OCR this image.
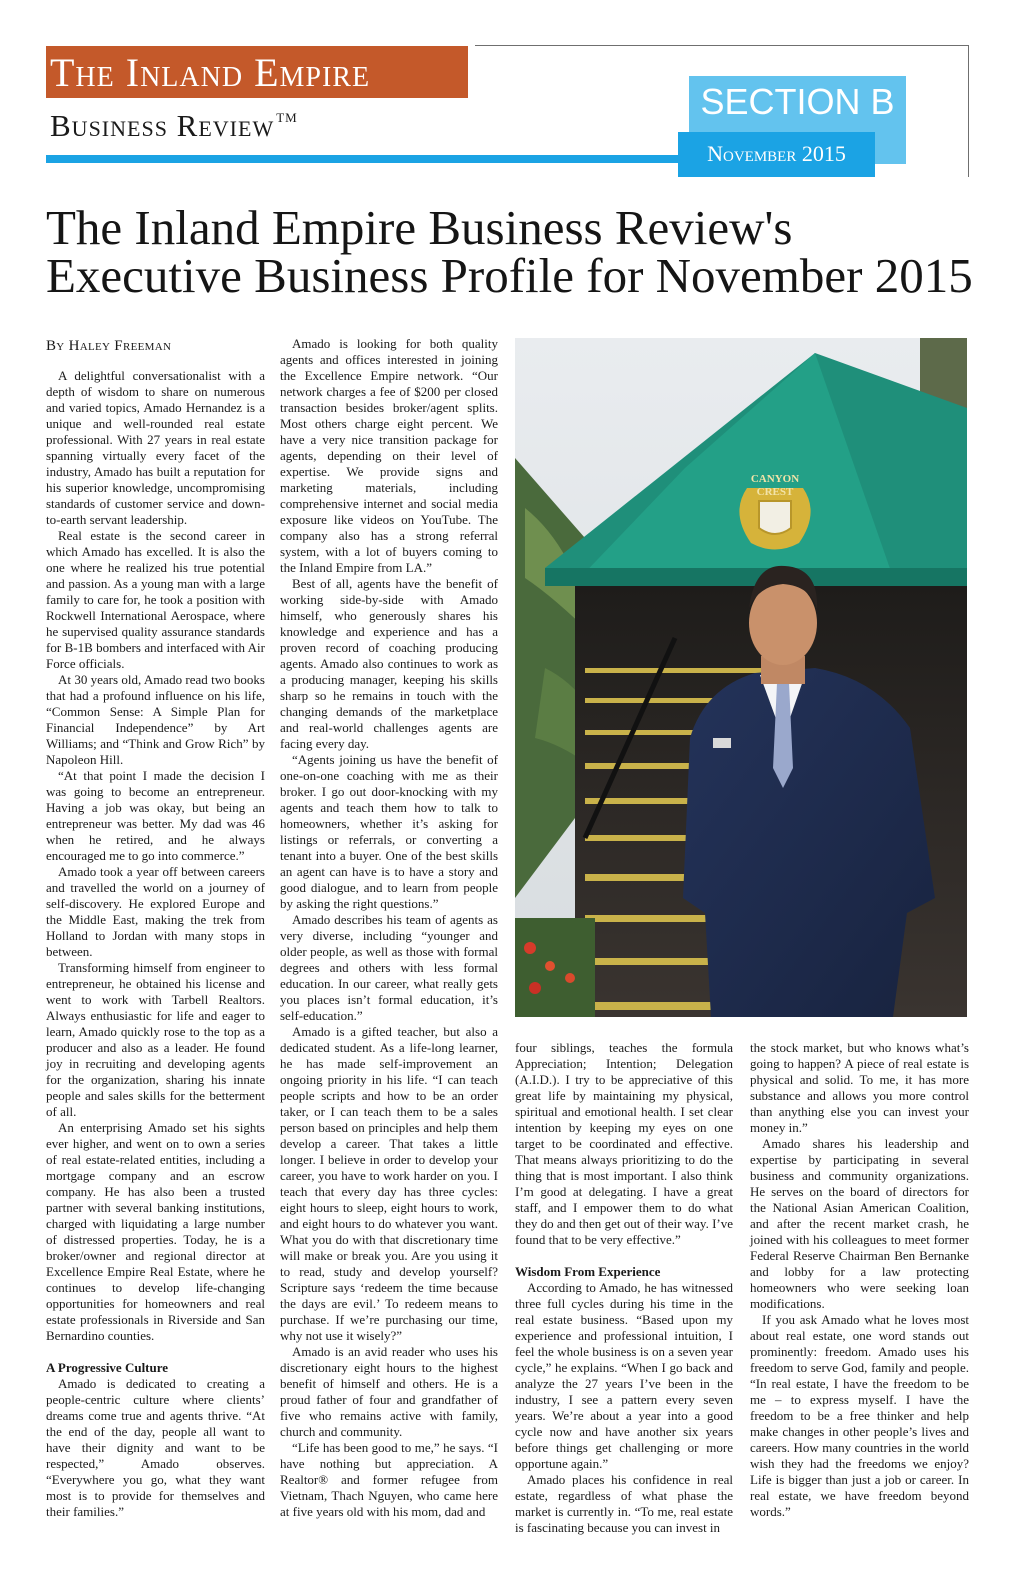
The Inland Empire
Business Review ™	SECTION B
November 2015
The Inland Empire Business Review's Executive Business Profile for November 2015
By Haley Freeman

A delightful conversationalist with a depth of wisdom to share on numerous and varied topics, Amado Hernandez is a unique and well-rounded real estate professional. With 27 years in real estate spanning virtually every facet of the industry, Amado has built a reputation for his superior knowledge, uncompromising standards of customer service and down-to-earth servant leadership.

Real estate is the second career in which Amado has excelled. It is also the one where he realized his true potential and passion. As a young man with a large family to care for, he took a position with Rockwell International Aerospace, where he supervised quality assurance standards for B-1B bombers and interfaced with Air Force officials.

At 30 years old, Amado read two books that had a profound influence on his life, “Common Sense: A Simple Plan for Financial Independence” by Art Williams; and “Think and Grow Rich” by Napoleon Hill.

“At that point I made the decision I was going to become an entrepreneur. Having a job was okay, but being an entrepreneur was better. My dad was 46 when he retired, and he always encouraged me to go into commerce.”

Amado took a year off between careers and travelled the world on a journey of self-discovery. He explored Europe and the Middle East, making the trek from Holland to Jordan with many stops in between.

Transforming himself from engineer to entrepreneur, he obtained his license and went to work with Tarbell Realtors. Always enthusiastic for life and eager to learn, Amado quickly rose to the top as a producer and also as a leader. He found joy in recruiting and developing agents for the organization, sharing his innate people and sales skills for the betterment of all.

An enterprising Amado set his sights ever higher, and went on to own a series of real estate-related entities, including a mortgage company and an escrow company. He has also been a trusted partner with several banking institutions, charged with liquidating a large number of distressed properties. Today, he is a broker/owner and regional director at Excellence Empire Real Estate, where he continues to develop life-changing opportunities for homeowners and real estate professionals in Riverside and San Bernardino counties.

A Progressive Culture

Amado is dedicated to creating a people-centric culture where clients’ dreams come true and agents thrive. “At the end of the day, people all want to have their dignity and want to be respected,” Amado observes. “Everywhere you go, what they want most is to provide for themselves and their families.”

Amado is looking for both quality agents and offices interested in joining the Excellence Empire network. “Our network charges a fee of $200 per closed transaction besides broker/agent splits. Most others charge eight percent. We have a very nice transition package for agents, depending on their level of expertise. We provide signs and marketing materials, including comprehensive internet and social media exposure like videos on YouTube. The company also has a strong referral system, with a lot of buyers coming to the Inland Empire from LA.”

Best of all, agents have the benefit of working side-by-side with Amado himself, who generously shares his knowledge and experience and has a proven record of coaching producing agents. Amado also continues to work as a producing manager, keeping his skills sharp so he remains in touch with the changing demands of the marketplace and real-world challenges agents are facing every day.

“Agents joining us have the benefit of one-on-one coaching with me as their broker. I go out door-knocking with my agents and teach them how to talk to homeowners, whether it’s asking for listings or referrals, or converting a tenant into a buyer. One of the best skills an agent can have is to have a story and good dialogue, and to learn from people by asking the right questions.”

Amado describes his team of agents as very diverse, including “younger and older people, as well as those with formal degrees and others with less formal education. In our career, what really gets you places isn’t formal education, it’s self-education.”

Amado is a gifted teacher, but also a dedicated student. As a life-long learner, he has made self-improvement an ongoing priority in his life. “I can teach people scripts and how to be an order taker, or I can teach them to be a sales person based on principles and help them develop a career. That takes a little longer. I believe in order to develop your career, you have to work harder on you. I teach that every day has three cycles: eight hours to sleep, eight hours to work, and eight hours to do whatever you want. What you do with that discretionary time will make or break you. Are you using it to read, study and develop yourself? Scripture says ‘redeem the time because the days are evil.’ To redeem means to purchase. If we’re purchasing our time, why not use it wisely?”

Amado is an avid reader who uses his discretionary eight hours to the highest benefit of himself and others. He is a proud father of four and grandfather of five who remains active with family, church and community.

“Life has been good to me,” he says. “I have nothing but appreciation. A Realtor® and former refugee from Vietnam, Thach Nguyen, who came here at five years old with his mom, dad and

four siblings, teaches the formula Appreciation; Intention; Delegation (A.I.D.). I try to be appreciative of this great life by maintaining my physical, spiritual and emotional health. I set clear intention by keeping my eyes on one target to be coordinated and effective. That means always prioritizing to do the thing that is most important. I also think I’m good at delegating. I have a great staff, and I empower them to do what they do and then get out of their way. I’ve found that to be very effective.”

Wisdom From Experience

According to Amado, he has witnessed three full cycles during his time in the real estate business. “Based upon my experience and professional intuition, I feel the whole business is on a seven year cycle,” he explains. “When I go back and analyze the 27 years I’ve been in the industry, I see a pattern every seven years. We’re about a year into a good cycle now and have another six years before things get challenging or more opportune again.”

Amado places his confidence in real estate, regardless of what phase the market is currently in. “To me, real estate is fascinating because you can invest in

the stock market, but who knows what’s going to happen? A piece of real estate is physical and solid. To me, it has more substance and allows you more control than anything else you can invest your money in.”

Amado shares his leadership and expertise by participating in several business and community organizations. He serves on the board of directors for the National Asian American Coalition, and after the recent market crash, he joined with his colleagues to meet former Federal Reserve Chairman Ben Bernanke and lobby for a law protecting homeowners who were seeking loan modifications.

If you ask Amado what he loves most about real estate, one word stands out prominently: freedom. Amado uses his freedom to serve God, family and people. “In real estate, I have the freedom to be me – to express myself. I have the freedom to be a free thinker and help make changes in other people’s lives and careers. How many countries in the world wish they had the freedoms we enjoy? Life is bigger than just a job or career. In real estate, we have freedom beyond words.”

CANYON
CREST
